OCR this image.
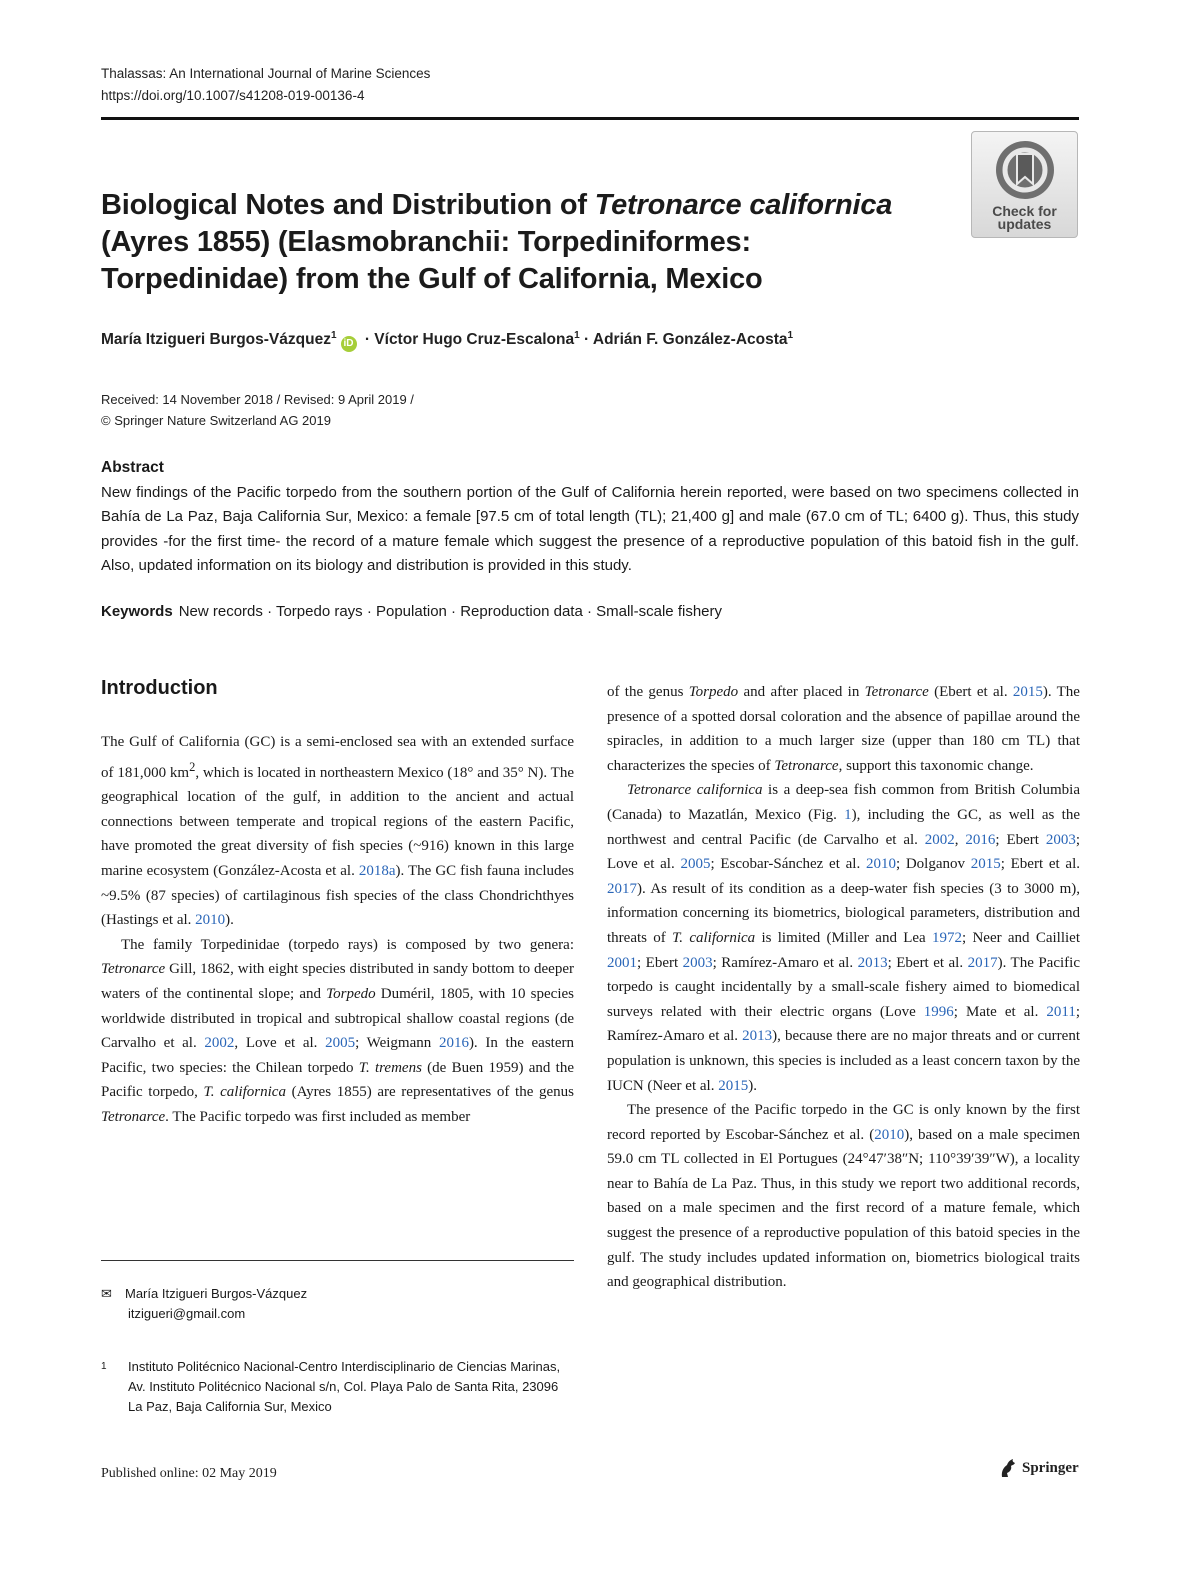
Thalassas: An International Journal of Marine Sciences
https://doi.org/10.1007/s41208-019-00136-4
Biological Notes and Distribution of Tetronarce californica (Ayres 1855) (Elasmobranchii: Torpediniformes: Torpedinidae) from the Gulf of California, Mexico
Check for
updates
María Itzigueri Burgos-Vázquez$^1$iD · Víctor Hugo Cruz-Escalona$^1$ · Adrián F. González-Acosta$^1$
Received: 14 November 2018 / Revised: 9 April 2019 /
© Springer Nature Switzerland AG 2019
Abstract

New findings of the Pacific torpedo from the southern portion of the Gulf of California herein reported, were based on two specimens collected in Bahía de La Paz, Baja California Sur, Mexico: a female [97.5 cm of total length (TL); 21,400 g] and male (67.0 cm of TL; 6400 g). Thus, this study provides -for the first time- the record of a mature female which suggest the presence of a reproductive population of this batoid fish in the gulf. Also, updated information on its biology and distribution is provided in this study.

Keywords New records · Torpedo rays · Population · Reproduction data · Small-scale fishery
Introduction

The Gulf of California (GC) is a semi-enclosed sea with an extended surface of 181,000 $km^2$, which is located in northeastern Mexico (18° and 35° N). The geographical location of the gulf, in addition to the ancient and actual connections between temperate and tropical regions of the eastern Pacific, have promoted the great diversity of fish species (~916) known in this large marine ecosystem (González-Acosta et al. 2018a). The GC fish fauna includes ~9.5% (87 species) of cartilaginous fish species of the class Chondrichthyes (Hastings et al. 2010).

The family Torpedinidae (torpedo rays) is composed by two genera: Tetronarce Gill, 1862, with eight species distributed in sandy bottom to deeper waters of the continental slope; and Torpedo Duméril, 1805, with 10 species worldwide distributed in tropical and subtropical shallow coastal regions (de Carvalho et al. 2002, Love et al. 2005; Weigmann 2016). In the eastern Pacific, two species: the Chilean torpedo T. tremens (de Buen 1959) and the Pacific torpedo, T. californica (Ayres 1855) are representatives of the genus Tetronarce. The Pacific torpedo was first included as member

of the genus Torpedo and after placed in Tetronarce (Ebert et al. 2015). The presence of a spotted dorsal coloration and the absence of papillae around the spiracles, in addition to a much larger size (upper than 180 cm TL) that characterizes the species of Tetronarce, support this taxonomic change.

Tetronarce californica is a deep-sea fish common from British Columbia (Canada) to Mazatlán, Mexico (Fig. 1), including the GC, as well as the northwest and central Pacific (de Carvalho et al. 2002, 2016; Ebert 2003; Love et al. 2005; Escobar-Sánchez et al. 2010; Dolganov 2015; Ebert et al. 2017). As result of its condition as a deep-water fish species (3 to 3000 m), information concerning its biometrics, biological parameters, distribution and threats of T. californica is limited (Miller and Lea 1972; Neer and Cailliet 2001; Ebert 2003; Ramírez-Amaro et al. 2013; Ebert et al. 2017). The Pacific torpedo is caught incidentally by a small-scale fishery aimed to biomedical surveys related with their electric organs (Love 1996; Mate et al. 2011; Ramírez-Amaro et al. 2013), because there are no major threats and or current population is unknown, this species is included as a least concern taxon by the IUCN (Neer et al. 2015).

The presence of the Pacific torpedo in the GC is only known by the first record reported by Escobar-Sánchez et al. (2010), based on a male specimen 59.0 cm TL collected in El Portugues (24°47′38″N; 110°39′39″W), a locality near to Bahía de La Paz. Thus, in this study we report two additional records, based on a male specimen and the first record of a mature female, which suggest the presence of a reproductive population of this batoid species in the gulf. The study includes updated information on, biometrics biological traits and geographical distribution.

✉ María Itzigueri Burgos-Vázquez
itzigueri@gmail.com
1 Instituto Politécnico Nacional-Centro Interdisciplinario de Ciencias Marinas, Av. Instituto Politécnico Nacional s/n, Col. Playa Palo de Santa Rita, 23096 La Paz, Baja California Sur, Mexico
Published online: 02 May 2019	Springer
